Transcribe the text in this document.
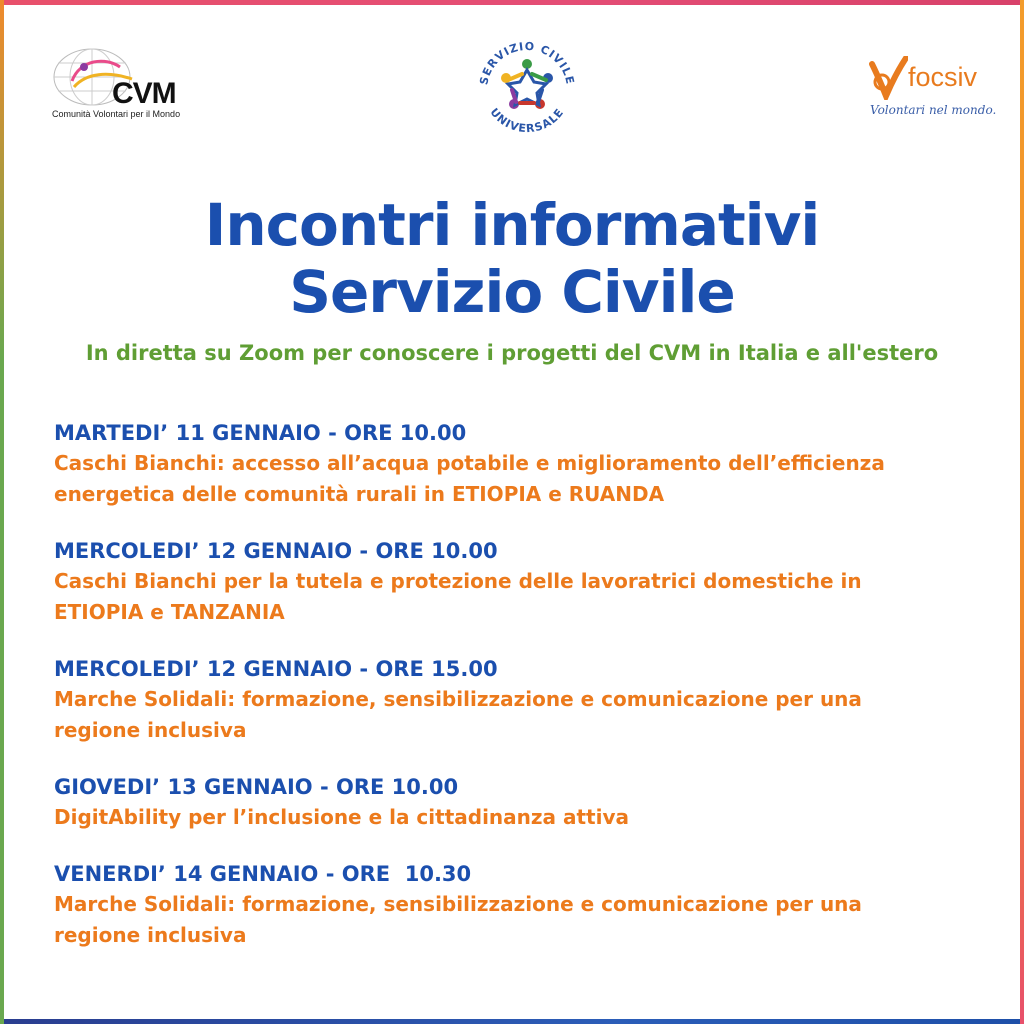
CVM
Comunità Volontari per il Mondo
SERVIZIO CIVILE
UNIVERSALE
focsiv
Volontari nel mondo.
Incontri informativi
Servizio Civile
In diretta su Zoom per conoscere i progetti del CVM in Italia e all'estero
MARTEDI’ 11 GENNAIO - ORE 10.00
Caschi Bianchi: accesso all’acqua potabile e miglioramento dell’efficienza
energetica delle comunità rurali in ETIOPIA e RUANDA
MERCOLEDI’ 12 GENNAIO - ORE 10.00
Caschi Bianchi per la tutela e protezione delle lavoratrici domestiche in
ETIOPIA e TANZANIA
MERCOLEDI’ 12 GENNAIO - ORE 15.00
Marche Solidali: formazione, sensibilizzazione e comunicazione per una
regione inclusiva
GIOVEDI’ 13 GENNAIO - ORE 10.00
DigitAbility per l’inclusione e la cittadinanza attiva
VENERDI’ 14 GENNAIO - ORE  10.30
Marche Solidali: formazione, sensibilizzazione e comunicazione per una
regione inclusiva
